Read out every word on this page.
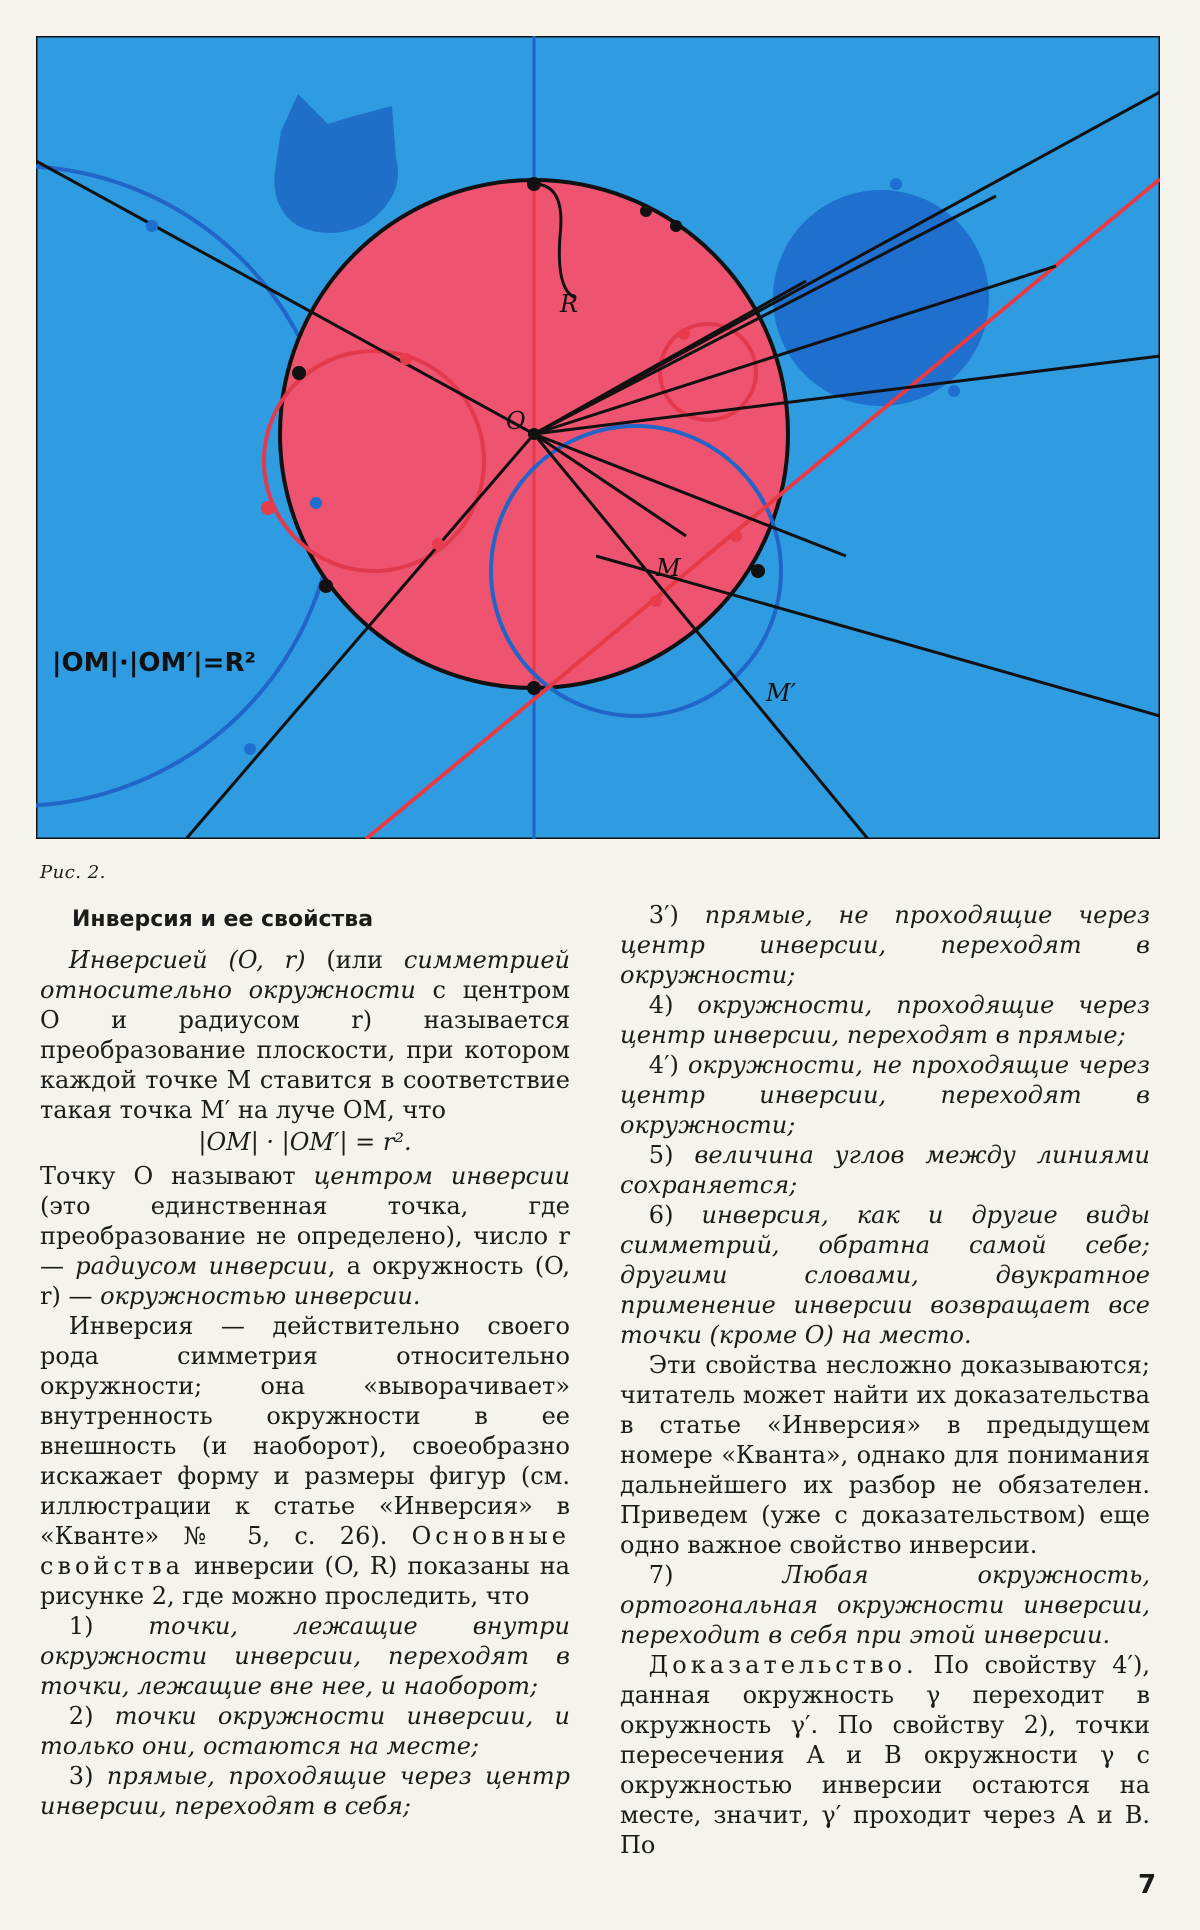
R
O
M
M′
|OM|·|OM′|=R²
Рис. 2.

Инверсия и ее свойства

Инверсией (O, r) (или симметрией относительно окружности с центром O и радиусом r) называется преобразование плоскости, при котором каждой точке M ставится в соответствие такая точка M′ на луче OM, что

|OM| · |OM′| = r².

Точку O называют центром инверсии (это единственная точка, где преобразование не определено), число r — радиусом инверсии, а окружность (O, r) — окружностью инверсии.

Инверсия — действительно своего рода симметрия относительно окружности; она «выворачивает» внутренность окружности в ее внешность (и наоборот), своеобразно искажает форму и размеры фигур (см. иллюстрации к статье «Инверсия» в «Кванте» № 5, с. 26). Основные свойства инверсии (O, R) показаны на рисунке 2, где можно проследить, что

1) точки, лежащие внутри окружности инверсии, переходят в точки, лежащие вне нее, и наоборот;

2) точки окружности инверсии, и только они, остаются на месте;

3) прямые, проходящие через центр инверсии, переходят в себя;

3′) прямые, не проходящие через центр инверсии, переходят в окружности;

4) окружности, проходящие через центр инверсии, переходят в прямые;

4′) окружности, не проходящие через центр инверсии, переходят в окружности;

5) величина углов между линиями сохраняется;

6) инверсия, как и другие виды симметрий, обратна самой себе; другими словами, двукратное применение инверсии возвращает все точки (кроме O) на место.

Эти свойства несложно доказываются; читатель может найти их доказательства в статье «Инверсия» в предыдущем номере «Кванта», однако для понимания дальнейшего их разбор не обязателен. Приведем (уже с доказательством) еще одно важное свойство инверсии.

7) Любая окружность, ортогональная окружности инверсии, переходит в себя при этой инверсии.

Доказательство. По свойству 4′), данная окружность γ переходит в окружность γ′. По свойству 2), точки пересечения A и B окружности γ с окружностью инверсии остаются на месте, значит, γ′ проходит через A и B. По

7
